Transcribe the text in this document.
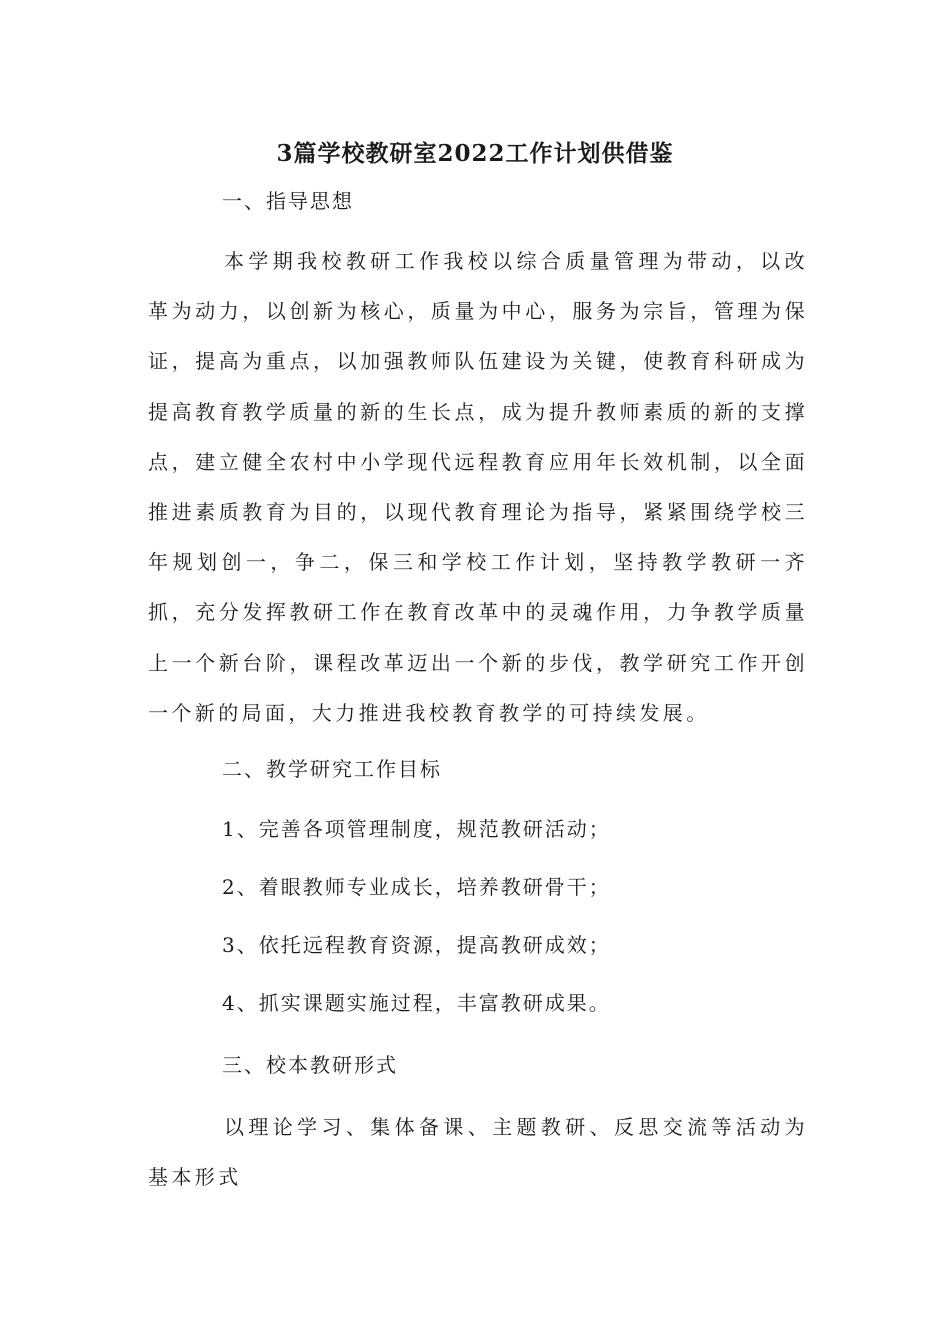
3篇学校教研室2022工作计划供借鉴
一、指导思想
本学期我校教研工作我校以综合质量管理为带动，以改革为动力，以创新为核心，质量为中心，服务为宗旨，管理为保证，提高为重点，以加强教师队伍建设为关键，使教育科研成为提高教育教学质量的新的生长点，成为提升教师素质的新的支撑点，建立健全农村中小学现代远程教育应用年长效机制，以全面推进素质教育为目的，以现代教育理论为指导，紧紧围绕学校三年规划创一，争二，保三和学校工作计划，坚持教学教研一齐抓，充分发挥教研工作在教育改革中的灵魂作用，力争教学质量上一个新台阶，课程改革迈出一个新的步伐，教学研究工作开创一个新的局面，大力推进我校教育教学的可持续发展。
二、教学研究工作目标
1、完善各项管理制度，规范教研活动；
2、着眼教师专业成长，培养教研骨干；
3、依托远程教育资源，提高教研成效；
4、抓实课题实施过程，丰富教研成果。
三、校本教研形式
以理论学习、集体备课、主题教研、反思交流等活动为基本形式
